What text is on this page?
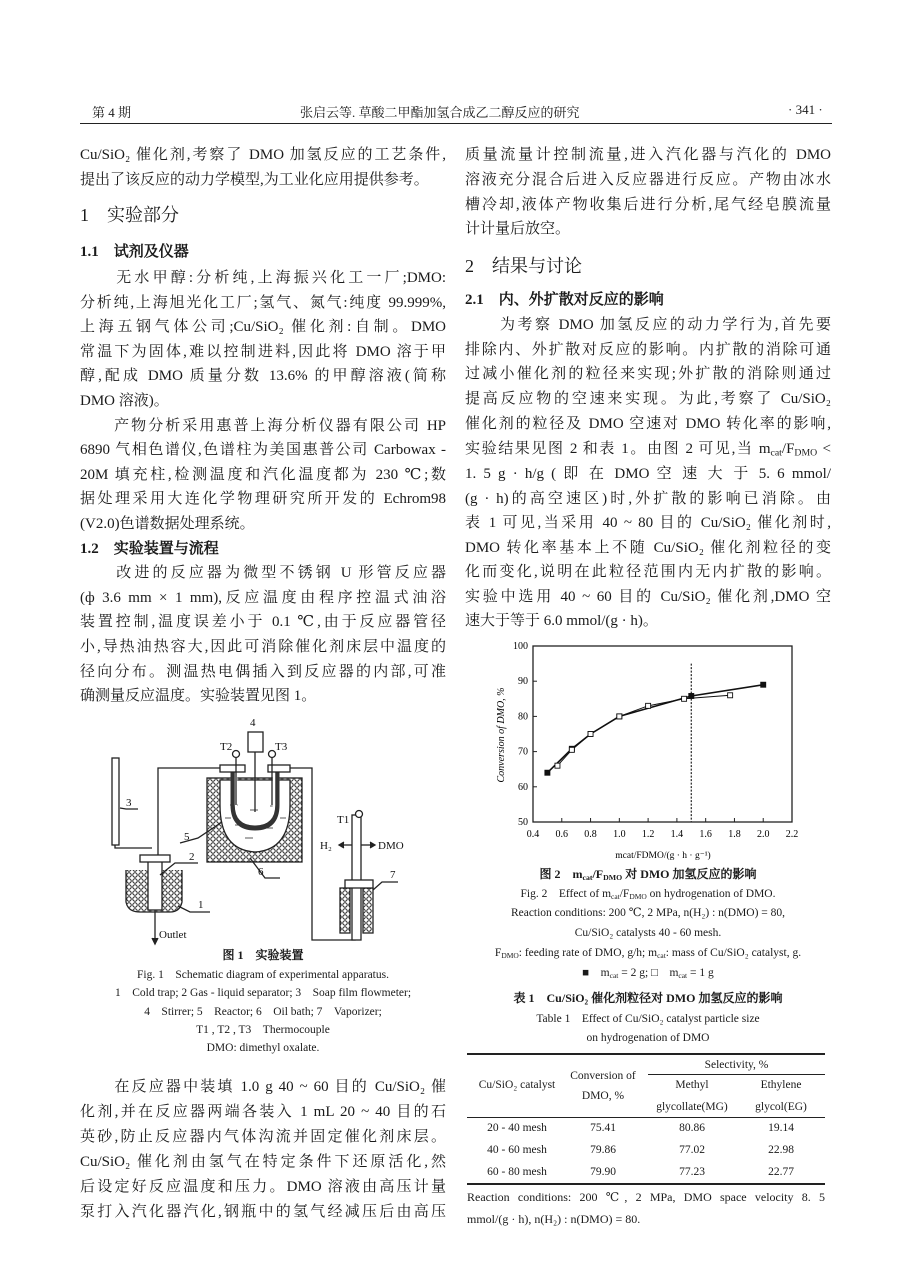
第 4 期	张启云等. 草酸二甲酯加氢合成乙二醇反应的研究	· 341 ·
Cu/SiO₂ 催化剂,考察了 DMO 加氢反应的工艺条件,
提出了该反应的动力学模型,为工业化应用提供参考。
1　实验部分
1.1　试剂及仪器
　　无水甲醇:分析纯,上海振兴化工一厂;DMO:
分析纯,上海旭光化工厂;氢气、氮气:纯度 99.999%,
上海五钢气体公司;Cu/SiO₂ 催化剂:自制。DMO
常温下为固体,难以控制进料,因此将 DMO 溶于甲
醇,配成 DMO 质量分数 13.6% 的甲醇溶液(简称
DMO 溶液)。
　　产物分析采用惠普上海分析仪器有限公司 HP
6890 气相色谱仪,色谱柱为美国惠普公司 Carbowax -
20M 填充柱,检测温度和汽化温度都为 230 ℃;数
据处理采用大连化学物理研究所开发的 Echrom98
(V2.0)色谱数据处理系统。
1.2　实验装置与流程
　　改进的反应器为微型不锈钢 U 形管反应器
(ф 3.6 mm × 1 mm),反应温度由程序控温式油浴
装置控制,温度误差小于 0.1 ℃,由于反应器管径
小,导热油热容大,因此可消除催化剂床层中温度的
径向分布。测温热电偶插入到反应器的内部,可准
确测量反应温度。实验装置见图 1。
4
T2	T3
3
5
2
1
6	7
T1
H₂	DMO
Outlet
图 1　实验装置
Fig. 1　Schematic diagram of experimental apparatus.
1　Cold trap; 2 Gas - liquid separator; 3　Soap film flowmeter;
4　Stirrer; 5　Reactor; 6　Oil bath; 7　Vaporizer;
T1 , T2 , T3　Thermocouple
DMO: dimethyl oxalate.
　　在反应器中装填 1.0 g 40 ~ 60 目的 Cu/SiO₂ 催
化剂,并在反应器两端各装入 1 mL 20 ~ 40 目的石
英砂,防止反应器内气体沟流并固定催化剂床层。
Cu/SiO₂ 催化剂由氢气在特定条件下还原活化,然
后设定好反应温度和压力。DMO 溶液由高压计量
泵打入汽化器汽化,钢瓶中的氢气经减压后由高压
质量流量计控制流量,进入汽化器与汽化的 DMO
溶液充分混合后进入反应器进行反应。产物由冰水
槽冷却,液体产物收集后进行分析,尾气经皂膜流量
计计量后放空。
2　结果与讨论
2.1　内、外扩散对反应的影响
　　为考察 DMO 加氢反应的动力学行为,首先要
排除内、外扩散对反应的影响。内扩散的消除可通
过减小催化剂的粒径来实现;外扩散的消除则通过
提高反应物的空速来实现。为此,考察了 Cu/SiO₂
催化剂的粒径及 DMO 空速对 DMO 转化率的影响,
实验结果见图 2 和表 1。由图 2 可见,当 $m_{cat}/F_{DMO}$ <
1. 5 g · h/g ( 即 在 DMO 空 速 大 于 5. 6 mmol/
(g · h)的高空速区)时,外扩散的影响已消除。由
表 1 可见,当采用 40 ~ 80 目的 Cu/SiO₂ 催化剂时,
DMO 转化率基本上不随 Cu/SiO₂ 催化剂粒径的变
化而变化,说明在此粒径范围内无内扩散的影响。
实验中选用 40 ~ 60 目的 Cu/SiO₂ 催化剂,DMO 空
速大于等于 6.0 mmol/(g · h)。
Conversion of DMO, %
mcat/FDMO/(g · h · g⁻¹)
0.4 0.6 0.8 1.0 1.2 1.4 1.6 1.8 2.0 2.2
50
60
70
80
90
100
图 2　$m_{cat}/F_{DMO}$ 对 DMO 加氢反应的影响
Fig. 2　Effect of $m_{cat}/F_{DMO}$ on hydrogenation of DMO.
Reaction conditions: 200 ℃, 2 MPa, n(H₂) : n(DMO) = 80,
Cu/SiO₂ catalysts 40 - 60 mesh.
$F_{DMO}$: feeding rate of DMO, g/h; $m_{cat}$: mass of Cu/SiO₂ catalyst, g.
■　$m_{cat} = 2$ g; □　$m_{cat} = 1$ g
表 1　Cu/SiO₂ 催化剂粒径对 DMO 加氢反应的影响
Table 1　Effect of Cu/SiO₂ catalyst particle size
on hydrogenation of DMO
Selectivity, %
Cu/SiO₂ catalyst
Conversion of
DMO, %
Methyl
glycollate(MG)
Ethylene
glycol(EG)
20 - 40 mesh	75.41	80.86	19.14
40 - 60 mesh	79.86	77.02	22.98
60 - 80 mesh	79.90	77.23	22.77
Reaction conditions: 200 ℃, 2 MPa, DMO space velocity 8. 5
mmol/(g · h), n(H₂) : n(DMO) = 80.
